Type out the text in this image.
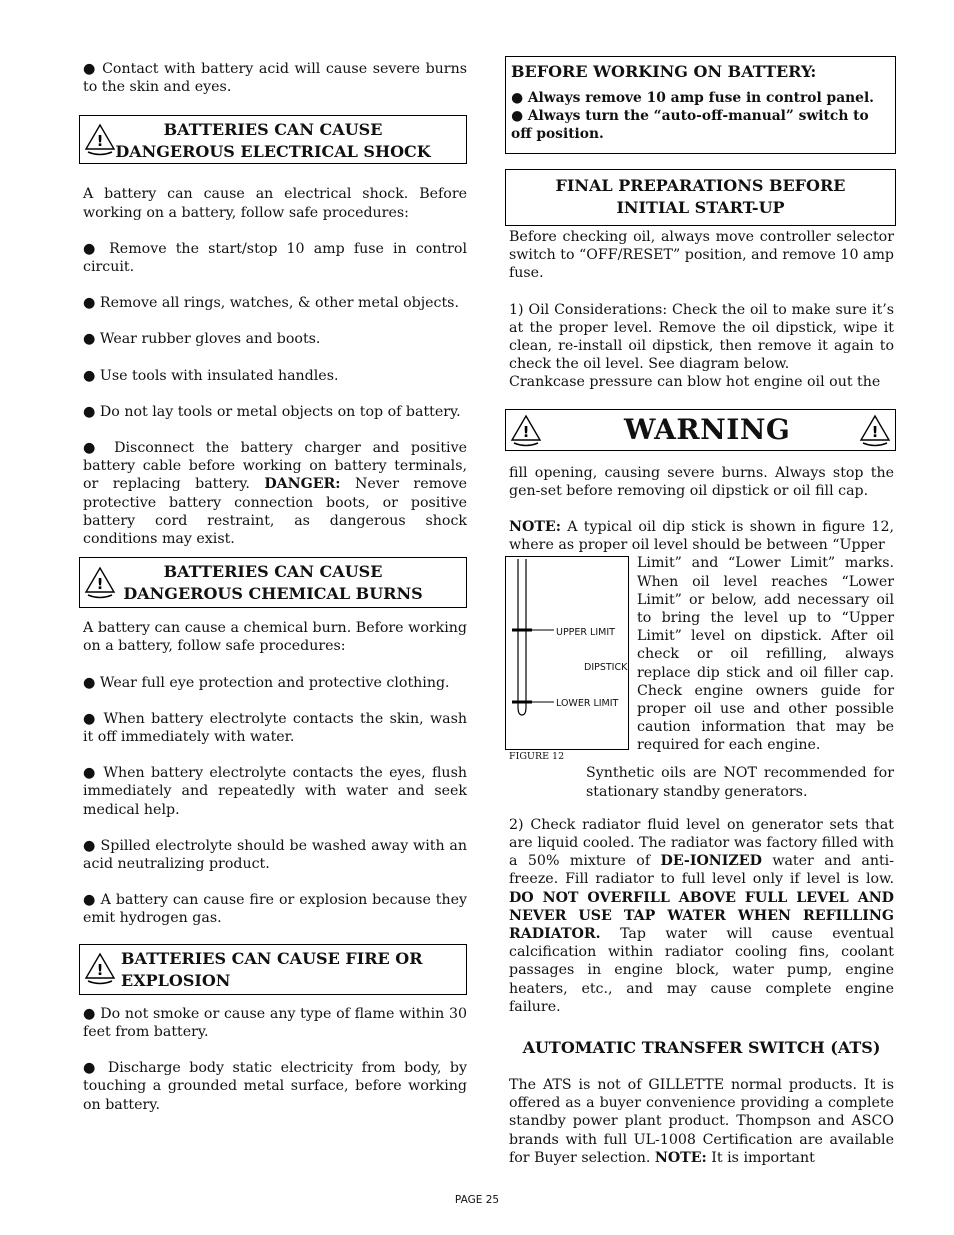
● Contact with battery acid will cause severe burns to the skin and eyes.

!
BATTERIES CAN CAUSE
DANGEROUS ELECTRICAL SHOCK

A battery can cause an electrical shock. Before working on a battery, follow safe procedures:

● Remove the start/stop 10 amp fuse in control circuit.

● Remove all rings, watches, & other metal objects.

● Wear rubber gloves and boots.

● Use tools with insulated handles.

● Do not lay tools or metal objects on top of battery.

● Disconnect the battery charger and positive battery cable before working on battery terminals, or replacing battery. DANGER: Never remove protective battery connection boots, or positive battery cord restraint, as dangerous shock conditions may exist.

!
BATTERIES CAN CAUSE
DANGEROUS CHEMICAL BURNS

A battery can cause a chemical burn. Before working on a battery, follow safe procedures:

● Wear full eye protection and protective clothing.

● When battery electrolyte contacts the skin, wash it off immediately with water.

● When battery electrolyte contacts the eyes, flush immediately and repeatedly with water and seek medical help.

● Spilled electrolyte should be washed away with an acid neutralizing product.

● A battery can cause fire or explosion because they emit hydrogen gas.

!
BATTERIES CAN CAUSE FIRE OR
EXPLOSION

● Do not smoke or cause any type of flame within 30 feet from battery.

● Discharge body static electricity from body, by touching a grounded metal surface, before working on battery.

BEFORE WORKING ON BATTERY:

● Always remove 10 amp fuse in control panel.

● Always turn the “auto-off-manual” switch to off position.

FINAL PREPARATIONS BEFORE
INITIAL START-UP

Before checking oil, always move controller selector switch to “OFF/RESET” position, and remove 10 amp fuse.

1) Oil Considerations: Check the oil to make sure it’s at the proper level. Remove the oil dipstick, wipe it clean, re-install oil dipstick, then remove it again to check the oil level. See diagram below.

Crankcase pressure can blow hot engine oil out the

!	WARNING	!

fill opening, causing severe burns. Always stop the gen-set before removing oil dipstick or oil fill cap.

NOTE: A typical oil dip stick is shown in figure 12, where as proper oil level should be between “Upper

UPPER LIMIT
DIPSTICK
LOWER LIMIT
FIGURE 12

Limit” and “Lower Limit” marks. When oil level reaches “Lower Limit” or below, add necessary oil to bring the level up to “Upper Limit” level on dipstick. After oil check or oil refilling, always replace dip stick and oil filler cap. Check engine owners guide for proper oil use and other possible caution information that may be required for each engine.

Synthetic oils are NOT recommended for stationary standby generators.

2) Check radiator fluid level on generator sets that are liquid cooled. The radiator was factory filled with a 50% mixture of DE-IONIZED water and anti-freeze. Fill radiator to full level only if level is low. DO NOT OVERFILL ABOVE FULL LEVEL AND NEVER USE TAP WATER WHEN REFILLING RADIATOR. Tap water will cause eventual calcification within radiator cooling fins, coolant passages in engine block, water pump, engine heaters, etc., and may cause complete engine failure.

AUTOMATIC TRANSFER SWITCH (ATS)

The ATS is not of GILLETTE normal products. It is offered as a buyer convenience providing a complete standby power plant product. Thompson and ASCO brands with full UL-1008 Certification are available for Buyer selection. NOTE: It is important

PAGE 25
